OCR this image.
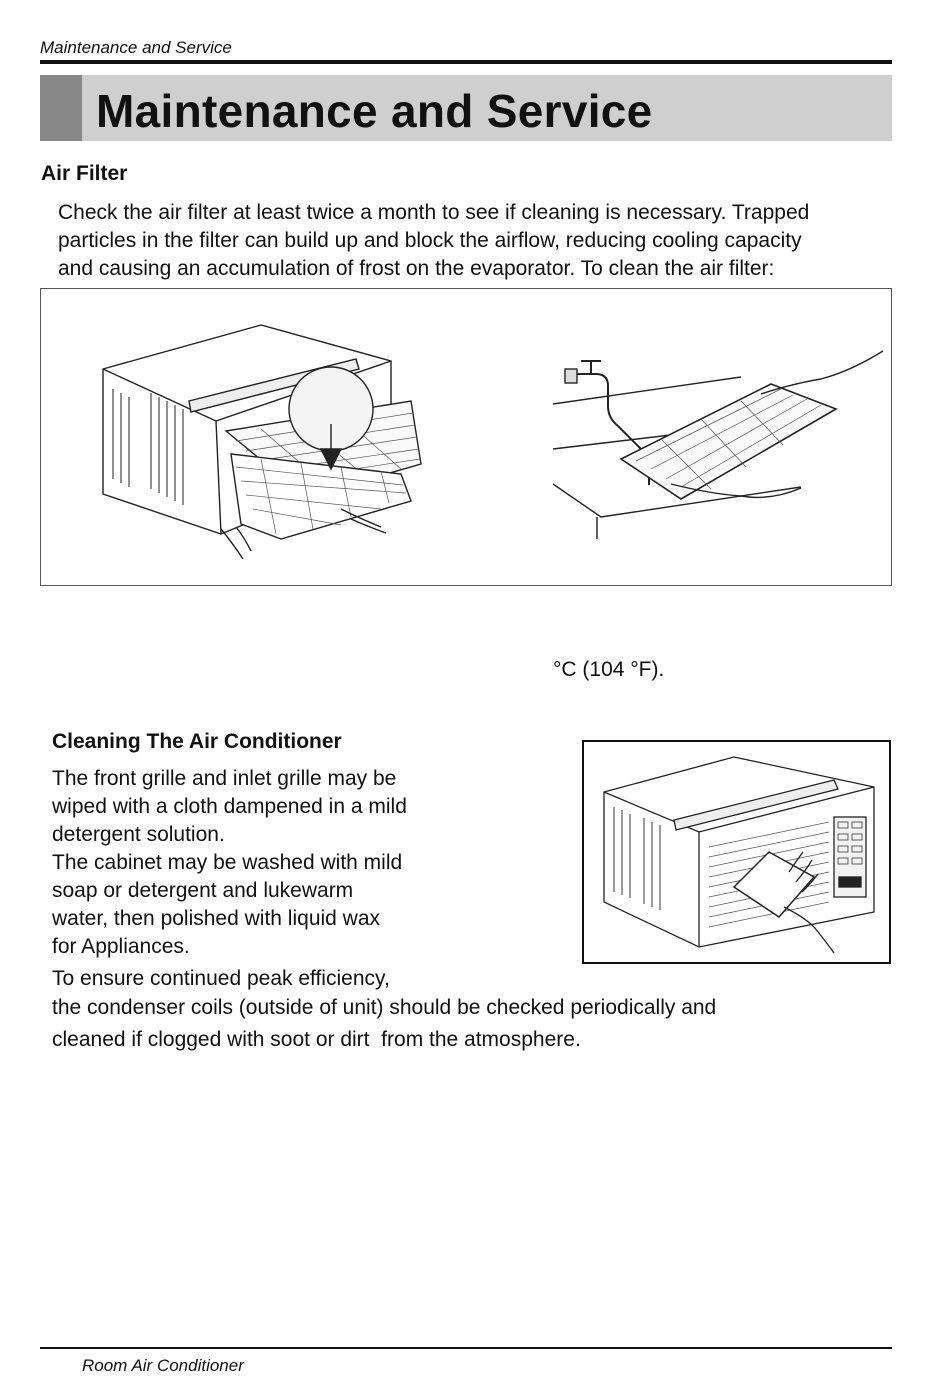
Maintenance and Service
Maintenance and Service
Air Filter
Check the air filter at least twice a month to see if cleaning is necessary. Trapped
particles in the filter can build up and block the airflow, reducing cooling capacity
and causing an accumulation of frost on the evaporator. To clean the air filter:
°C (104 °F).
Cleaning The Air Conditioner
The front grille and inlet grille may be
wiped with a cloth dampened in a mild
detergent solution.
The cabinet may be washed with mild
soap or detergent and lukewarm
water, then polished with liquid wax
for Appliances.
To ensure continued peak efficiency,
the condenser coils (outside of unit) should be checked periodically and
cleaned if clogged with soot or dirt  from the atmosphere.
Room Air Conditioner
